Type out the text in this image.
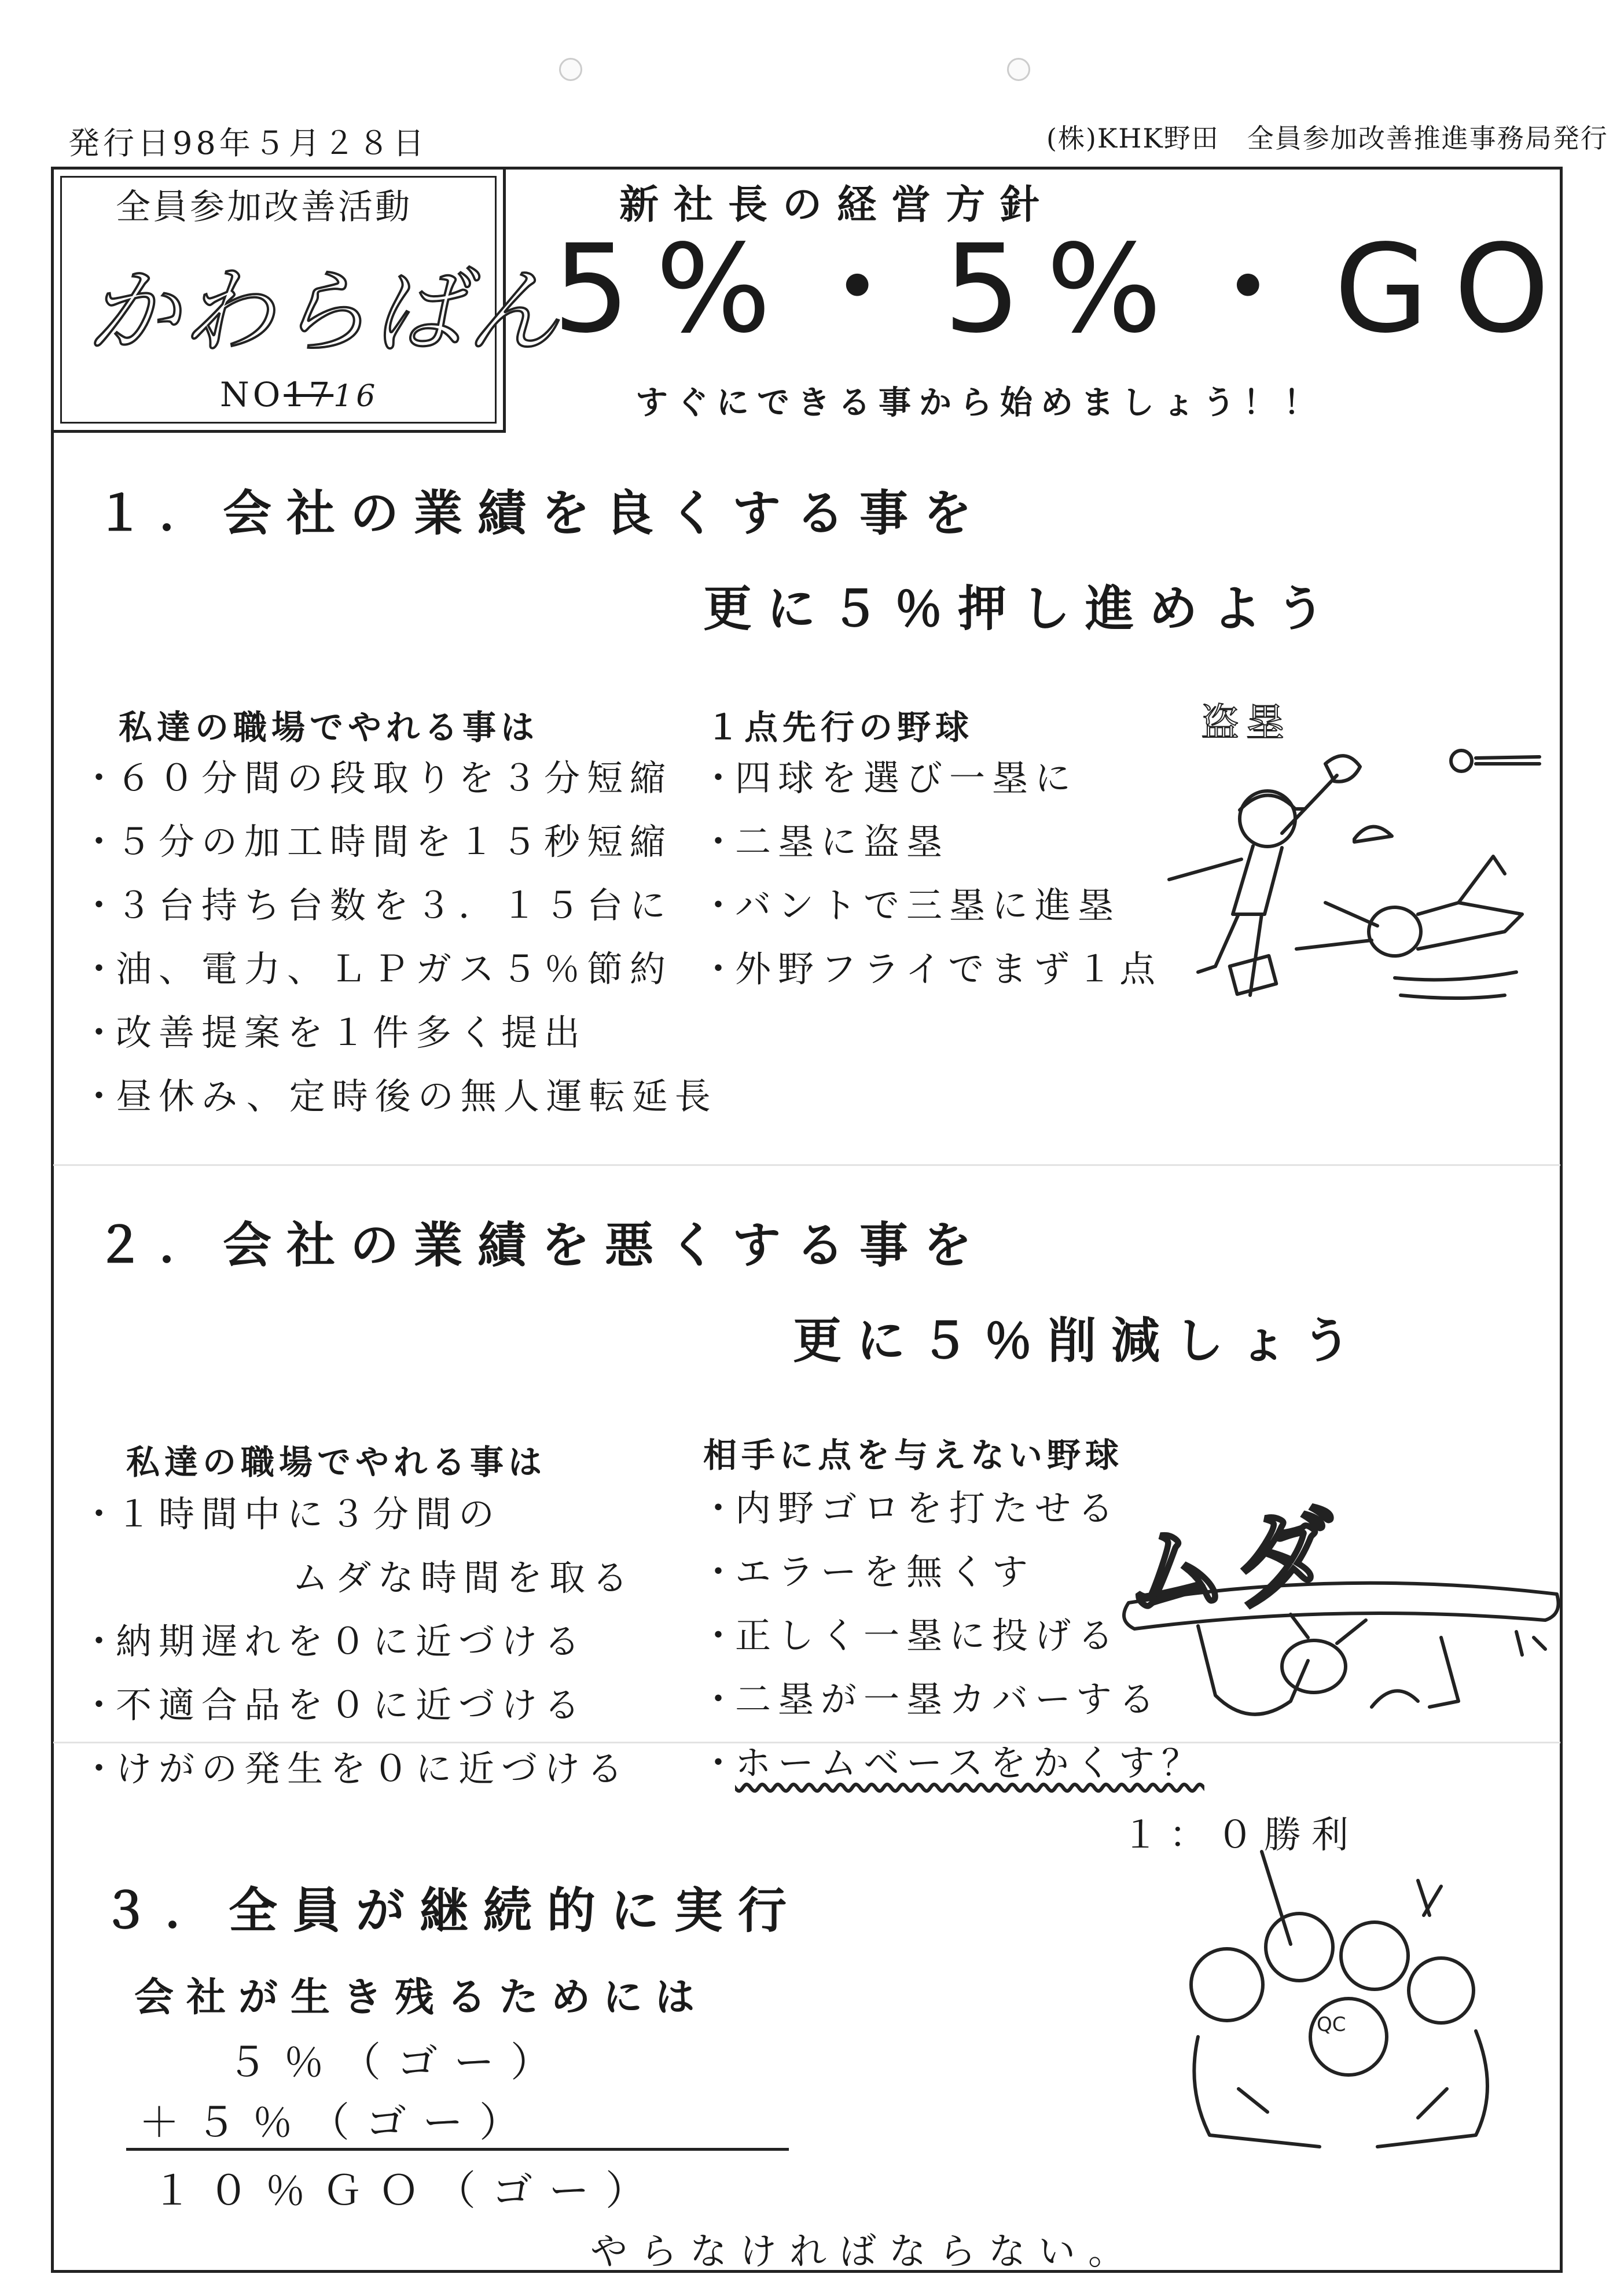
発行日98年５月２８日	(株)KHK野田　全員参加改善推進事務局発行
全員参加改善活動
かわらばん
NO1716
新社長の経営方針
5%・5%・GO
すぐにできる事から始めましょう！！
１．会社の業績を良くする事を
更に５％押し進めよう
私達の職場でやれる事は
・６０分間の段取りを３分短縮
・５分の加工時間を１５秒短縮
・３台持ち台数を３．１５台に
・油、電力、ＬＰガス５％節約
・改善提案を１件多く提出
・昼休み、定時後の無人運転延長
１点先行の野球
・四球を選び一塁に
・二塁に盗塁
・バントで三塁に進塁
・外野フライでまず１点
盗塁
２．会社の業績を悪くする事を
更に５％削減しょう
私達の職場でやれる事は
・１時間中に３分間の
ムダな時間を取る
・納期遅れを０に近づける
・不適合品を０に近づける
・けがの発生を０に近づける
相手に点を与えない野球
・内野ゴロを打たせる
・エラーを無くす
・正しく一塁に投げる
・二塁が一塁カバーする
・ホームベースをかくす？
ムダ
１：０勝利
３．全員が継続的に実行
会社が生き残るためには
５％（ゴー）
＋５％（ゴー）
１０％ＧＯ（ゴー）
やらなければならない。
QC
